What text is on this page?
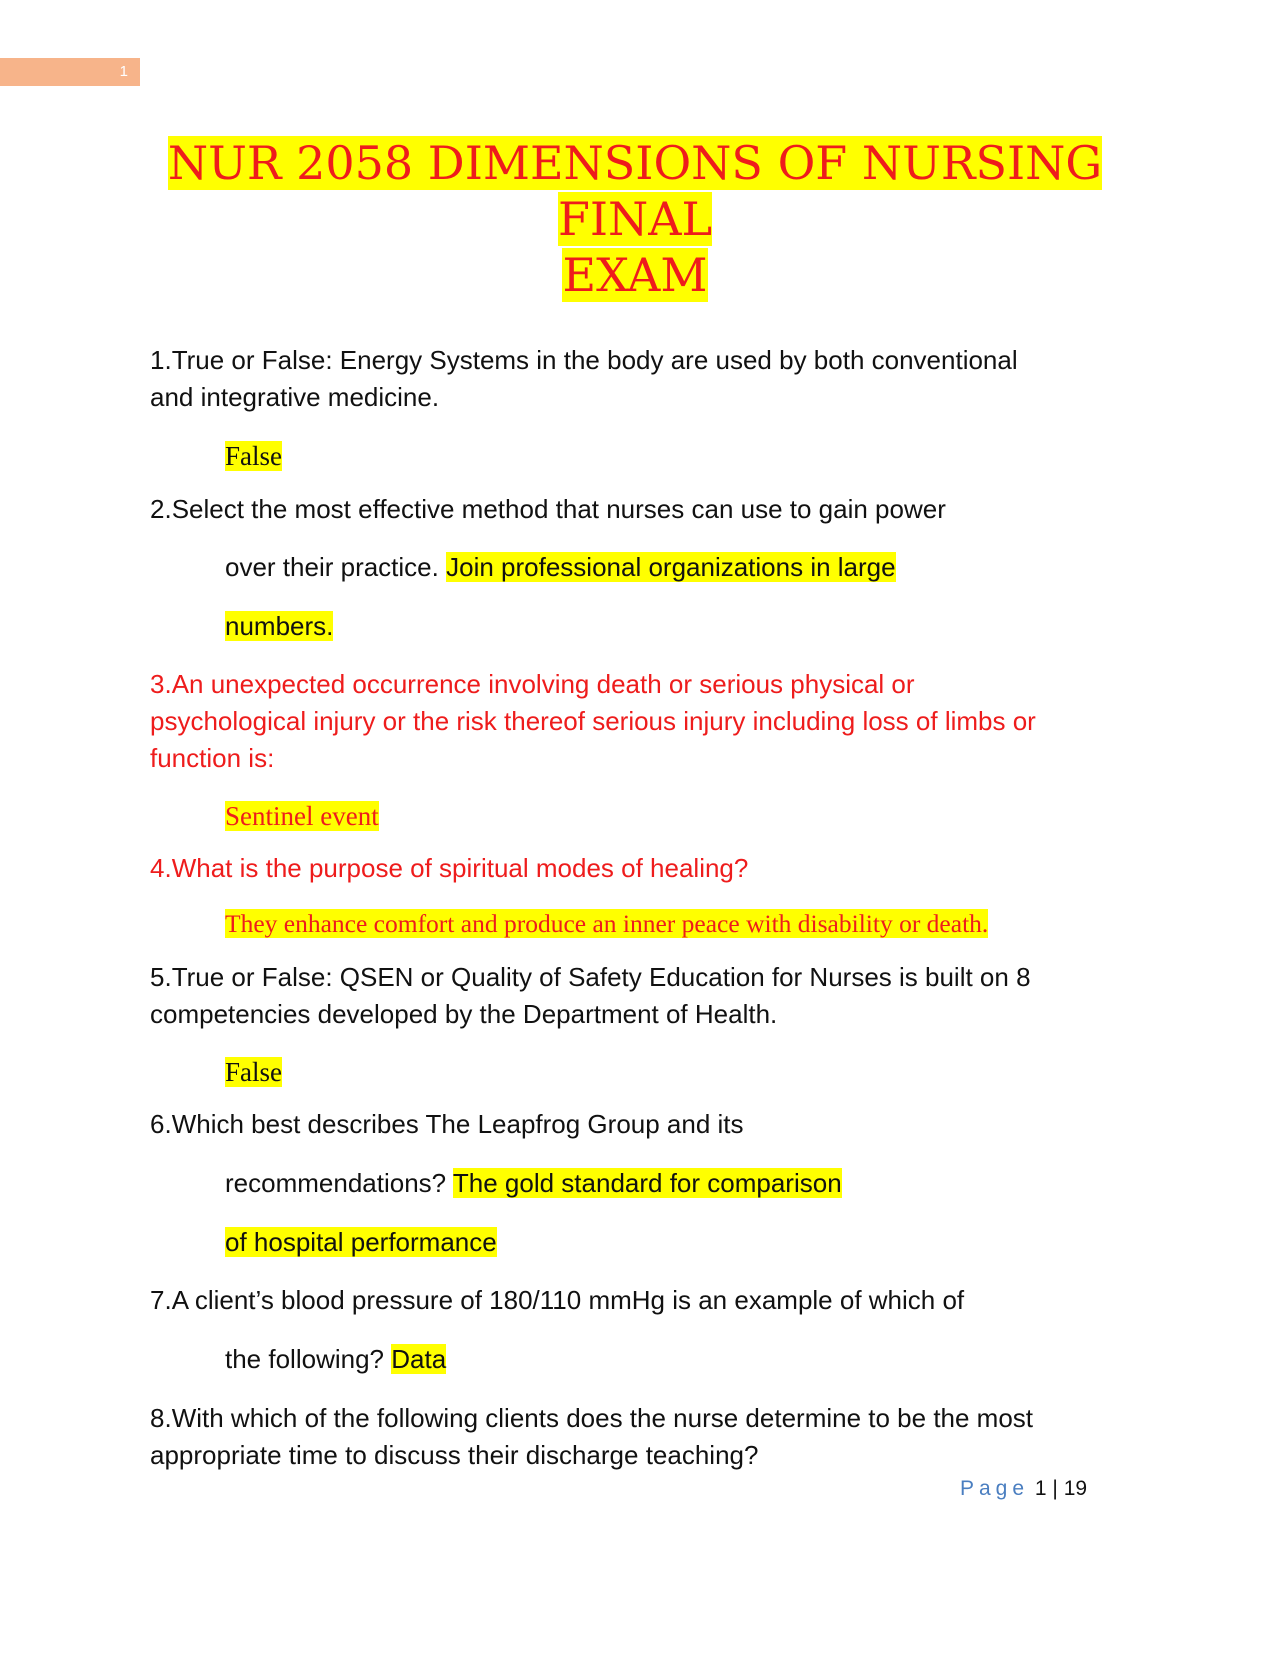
1
NUR 2058 DIMENSIONS OF NURSING FINAL
EXAM
1.True or False: Energy Systems in the body are used by both conventional
and integrative medicine.
False
2.Select the most effective method that nurses can use to gain power
over their practice. Join professional organizations in large
numbers.
3.An unexpected occurrence involving death or serious physical or
psychological injury or the risk thereof serious injury including loss of limbs or
function is:
Sentinel event
4.What is the purpose of spiritual modes of healing?
They enhance comfort and produce an inner peace with disability or death.
5.True or False: QSEN or Quality of Safety Education for Nurses is built on 8
competencies developed by the Department of Health.
False
6.Which best describes The Leapfrog Group and its
recommendations? The gold standard for comparison
of hospital performance
7.A client’s blood pressure of 180/110 mmHg is an example of which of
the following? Data
8.With which of the following clients does the nurse determine to be the most
appropriate time to discuss their discharge teaching?
Page 1 | 19
